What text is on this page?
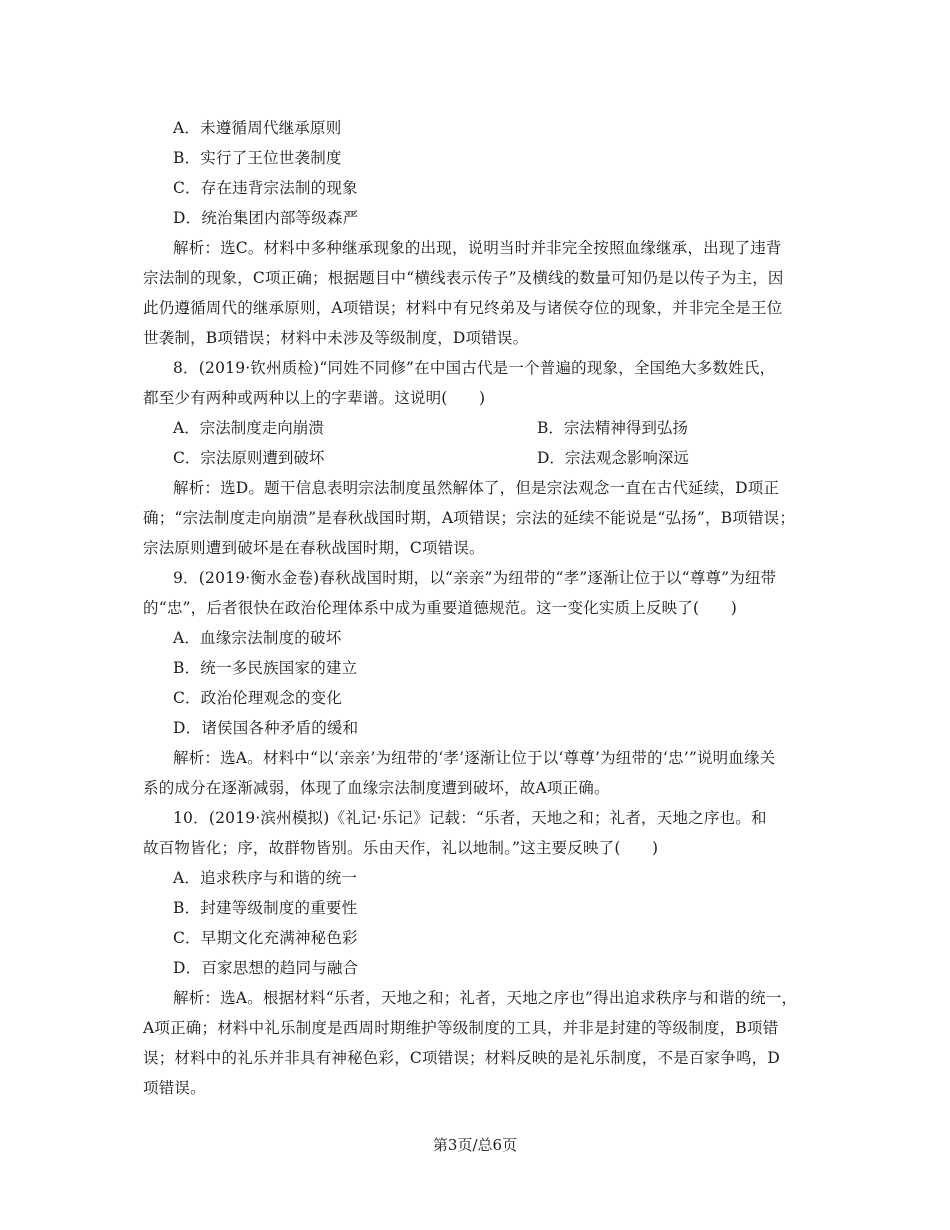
A．未遵循周代继承原则
B．实行了王位世袭制度
C．存在违背宗法制的现象
D．统治集团内部等级森严
解析：选C。材料中多种继承现象的出现，说明当时并非完全按照血缘继承，出现了违背
宗法制的现象，C项正确；根据题目中“横线表示传子”及横线的数量可知仍是以传子为主，因
此仍遵循周代的继承原则，A项错误；材料中有兄终弟及与诸侯夺位的现象，并非完全是王位
世袭制，B项错误；材料中未涉及等级制度，D项错误。
8．(2019·钦州质检)“同姓不同修”在中国古代是一个普遍的现象，全国绝大多数姓氏，
都至少有两种或两种以上的字辈谱。这说明(　　)
A．宗法制度走向崩溃	B．宗法精神得到弘扬
C．宗法原则遭到破坏	D．宗法观念影响深远
解析：选D。题干信息表明宗法制度虽然解体了，但是宗法观念一直在古代延续，D项正
确；“宗法制度走向崩溃”是春秋战国时期，A项错误；宗法的延续不能说是“弘扬”，B项错误；
宗法原则遭到破坏是在春秋战国时期，C项错误。
9．(2019·衡水金卷)春秋战国时期，以“亲亲”为纽带的“孝”逐渐让位于以“尊尊”为纽带
的“忠”，后者很快在政治伦理体系中成为重要道德规范。这一变化实质上反映了(　　)
A．血缘宗法制度的破坏
B．统一多民族国家的建立
C．政治伦理观念的变化
D．诸侯国各种矛盾的缓和
解析：选A。材料中“以‘亲亲’为纽带的‘孝’逐渐让位于以‘尊尊’为纽带的‘忠’”说明血缘关
系的成分在逐渐减弱，体现了血缘宗法制度遭到破坏，故A项正确。
10．(2019·滨州模拟)《礼记·乐记》记载：“乐者，天地之和；礼者，天地之序也。和
故百物皆化；序，故群物皆别。乐由天作，礼以地制。”这主要反映了(　　)
A．追求秩序与和谐的统一
B．封建等级制度的重要性
C．早期文化充满神秘色彩
D．百家思想的趋同与融合
解析：选A。根据材料“乐者，天地之和；礼者，天地之序也”得出追求秩序与和谐的统一，
A项正确；材料中礼乐制度是西周时期维护等级制度的工具，并非是封建的等级制度，B项错
误；材料中的礼乐并非具有神秘色彩，C项错误；材料反映的是礼乐制度，不是百家争鸣，D
项错误。
第3页/总6页
